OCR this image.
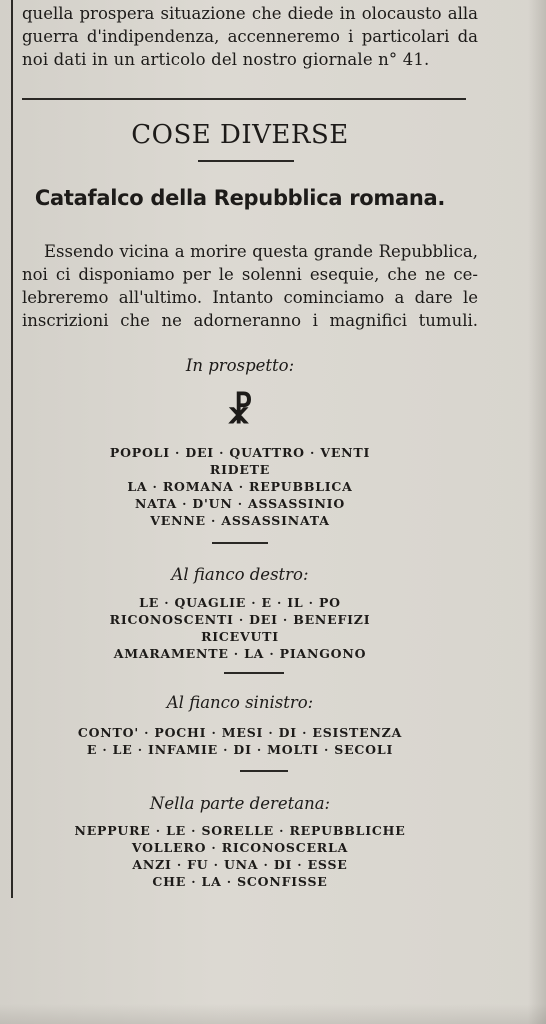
quella prospera situazione che diede in olocausto alla
guerra d'indipendenza, accenneremo i particolari da
noi dati in un articolo del nostro giornale n° 41.
COSE DIVERSE
Catafalco della Repubblica romana.
Essendo vicina a morire questa grande Repubblica,
noi ci disponiamo per le solenni esequie, che ne ce-
lebreremo all'ultimo. Intanto cominciamo a dare le
inscrizioni che ne adorneranno i magnifici tumuli.
In prospetto:
☧
POPOLI · DEI · QUATTRO · VENTI
RIDETE
LA · ROMANA · REPUBBLICA
NATA · D'UN · ASSASSINIO
VENNE · ASSASSINATA
Al fianco destro:
LE · QUAGLIE · E · IL · PO
RICONOSCENTI · DEI · BENEFIZI
RICEVUTI
AMARAMENTE · LA · PIANGONO
Al fianco sinistro:
CONTO' · POCHI · MESI · DI · ESISTENZA
E · LE · INFAMIE · DI · MOLTI · SECOLI
Nella parte deretana:
NEPPURE · LE · SORELLE · REPUBBLICHE
VOLLERO · RICONOSCERLA
ANZI · FU · UNA · DI · ESSE
CHE · LA · SCONFISSE
